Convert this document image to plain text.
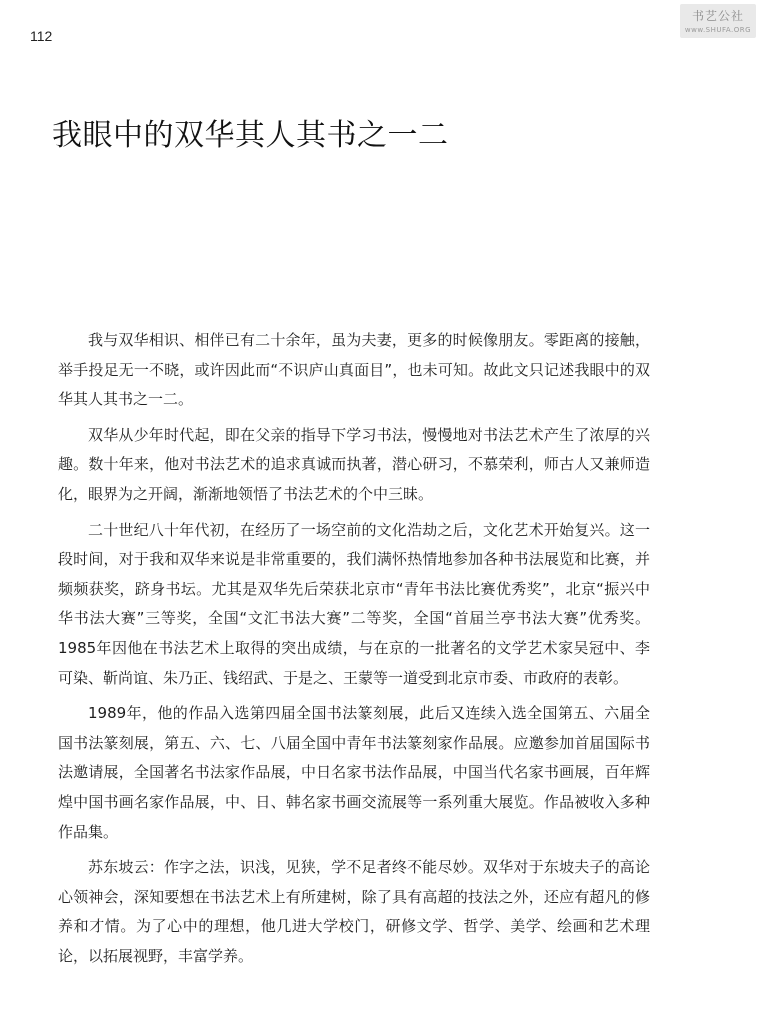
112
书艺公社
www.SHUFA.ORG
我眼中的双华其人其书之一二

我与双华相识、相伴已有二十余年，虽为夫妻，更多的时候像朋友。零距离的接触，举手投足无一不晓，或许因此而“不识庐山真面目”，也未可知。故此文只记述我眼中的双华其人其书之一二。

双华从少年时代起，即在父亲的指导下学习书法，慢慢地对书法艺术产生了浓厚的兴趣。数十年来，他对书法艺术的追求真诚而执著，潜心研习，不慕荣利，师古人又兼师造化，眼界为之开阔，渐渐地领悟了书法艺术的个中三昧。

二十世纪八十年代初，在经历了一场空前的文化浩劫之后，文化艺术开始复兴。这一段时间，对于我和双华来说是非常重要的，我们满怀热情地参加各种书法展览和比赛，并频频获奖，跻身书坛。尤其是双华先后荣获北京市“青年书法比赛优秀奖”，北京“振兴中华书法大赛”三等奖，全国“文汇书法大赛”二等奖，全国“首届兰亭书法大赛”优秀奖。1985年因他在书法艺术上取得的突出成绩，与在京的一批著名的文学艺术家吴冠中、李可染、靳尚谊、朱乃正、钱绍武、于是之、王蒙等一道受到北京市委、市政府的表彰。

1989年，他的作品入选第四届全国书法篆刻展，此后又连续入选全国第五、六届全国书法篆刻展，第五、六、七、八届全国中青年书法篆刻家作品展。应邀参加首届国际书法邀请展，全国著名书法家作品展，中日名家书法作品展，中国当代名家书画展，百年辉煌中国书画名家作品展，中、日、韩名家书画交流展等一系列重大展览。作品被收入多种作品集。

苏东坡云：作字之法，识浅，见狭，学不足者终不能尽妙。双华对于东坡夫子的高论心领神会，深知要想在书法艺术上有所建树，除了具有高超的技法之外，还应有超凡的修养和才情。为了心中的理想，他几进大学校门，研修文学、哲学、美学、绘画和艺术理论，以拓展视野，丰富学养。
